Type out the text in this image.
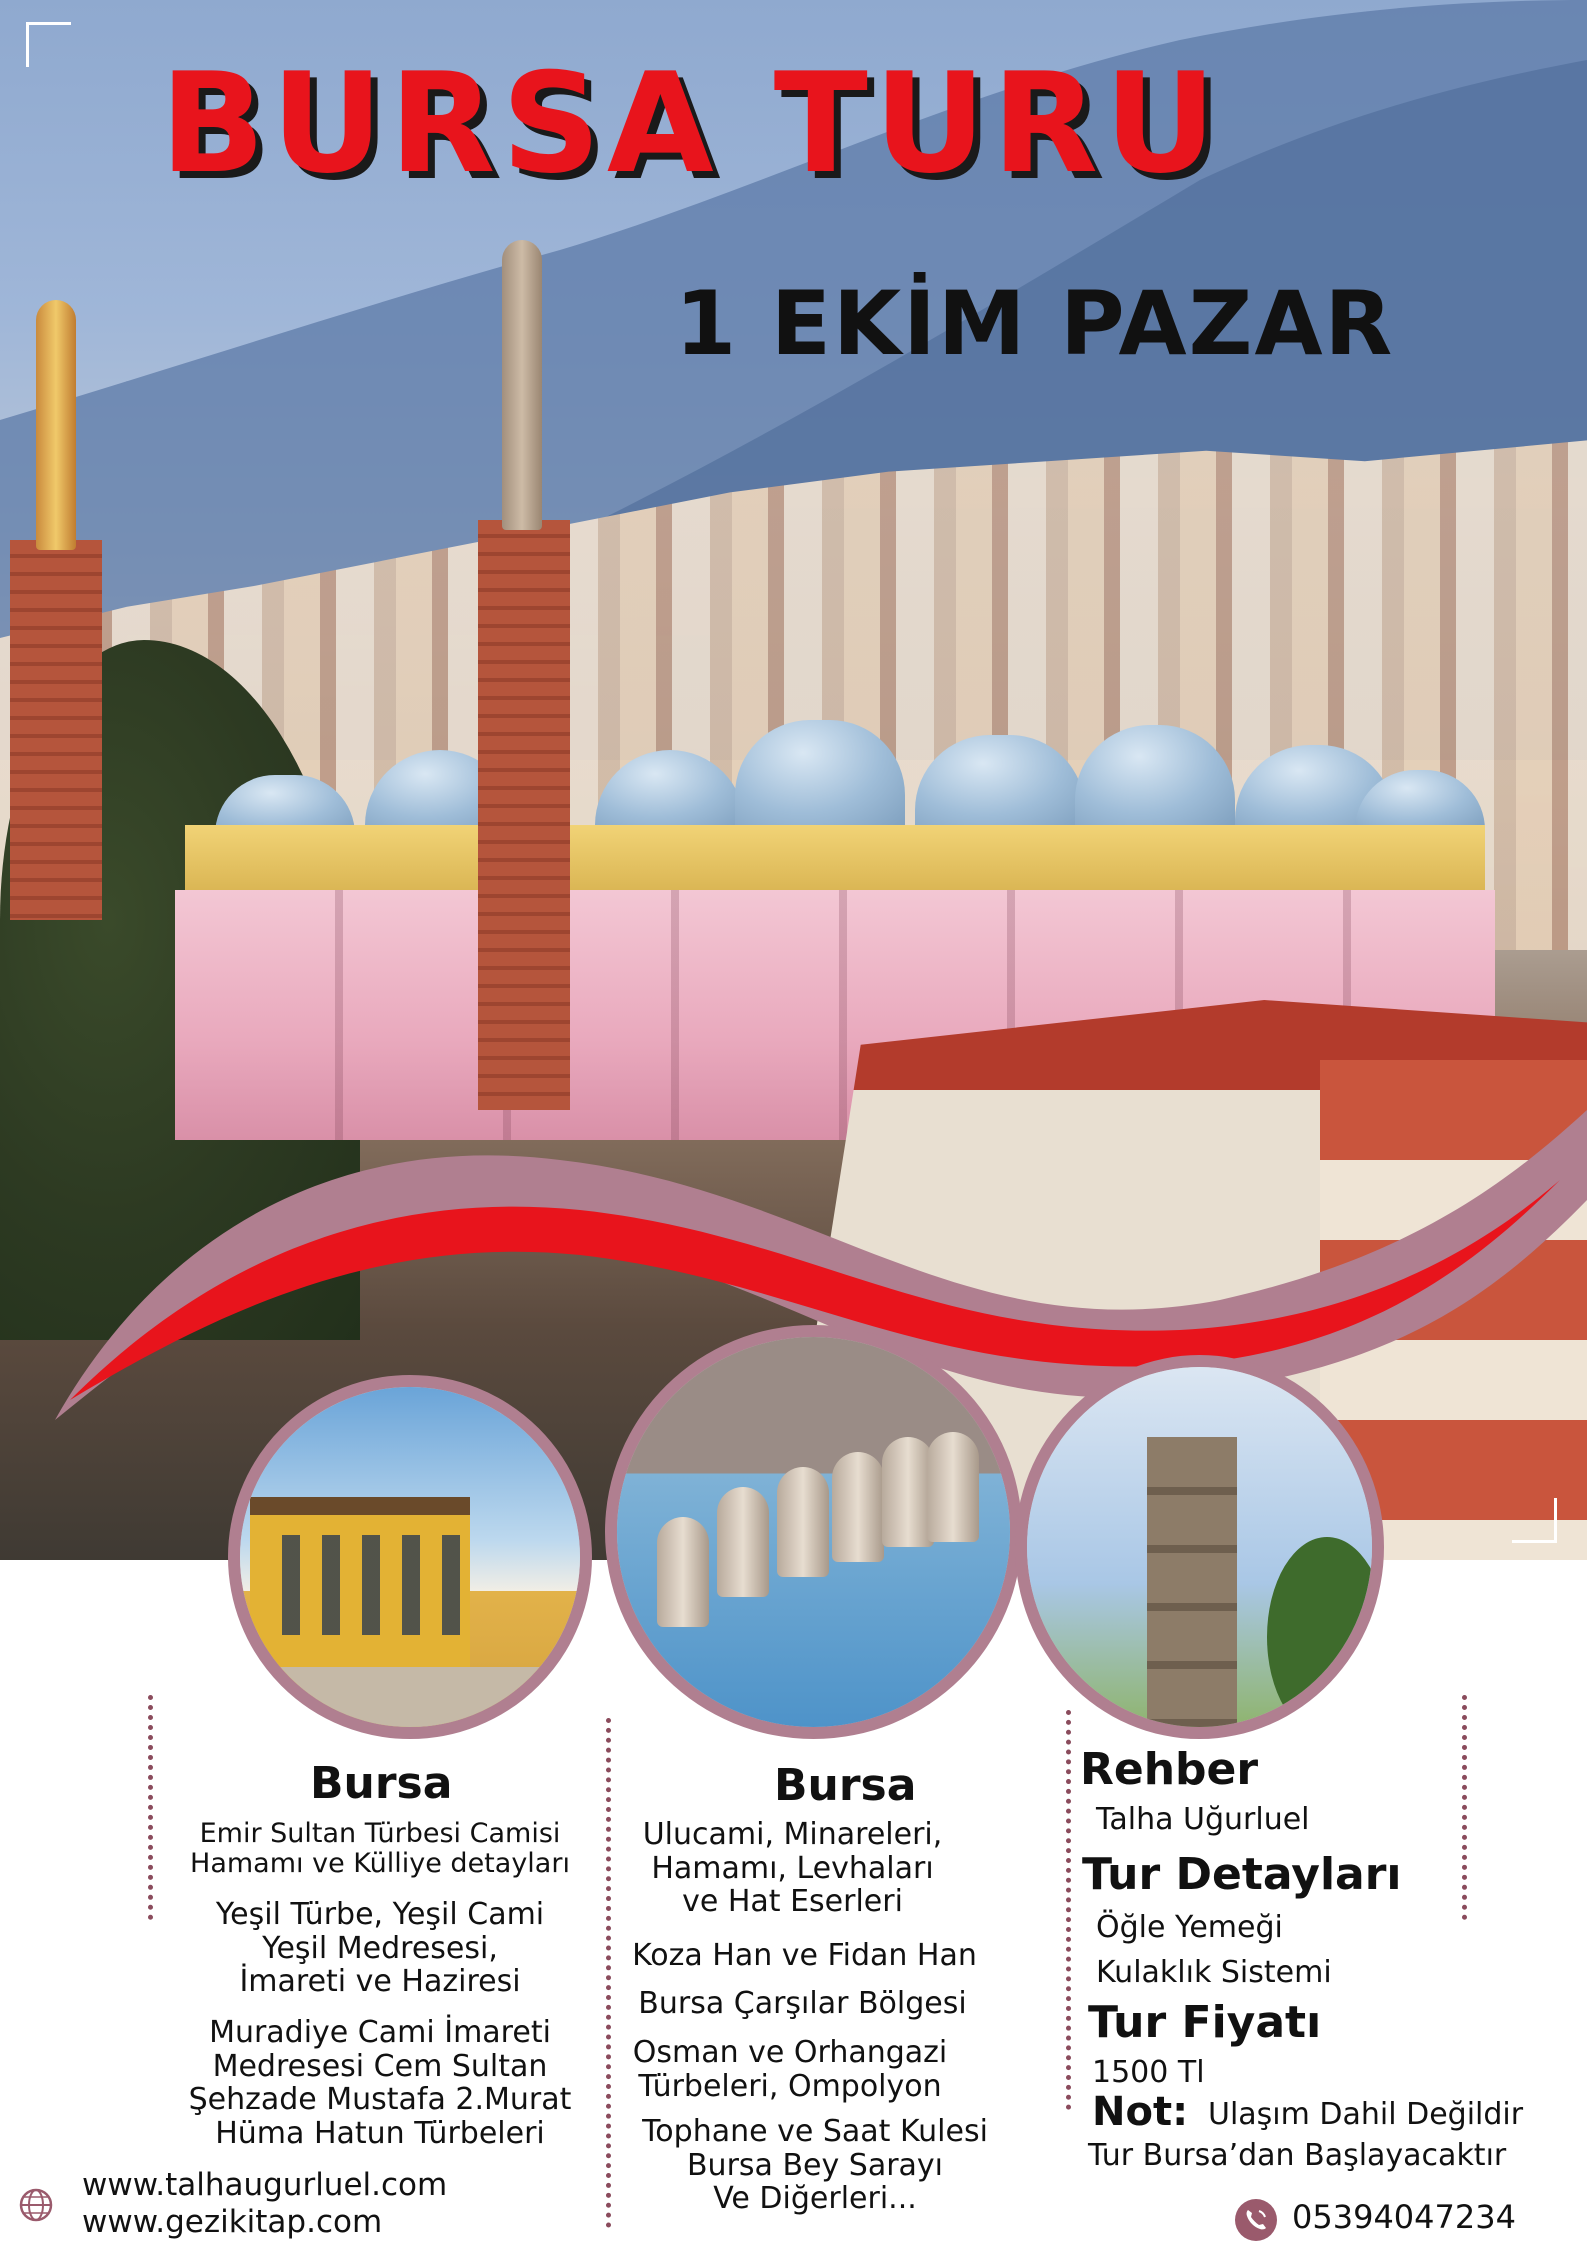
BURSA TURU
1 EKİM PAZAR
Bursa
Emir Sultan Türbesi Camisi
Hamamı ve Külliye detayları
Yeşil Türbe, Yeşil Cami
Yeşil Medresesi,
İmareti ve Haziresi
Muradiye Cami İmareti
Medresesi Cem Sultan
Şehzade Mustafa 2.Murat
Hüma Hatun Türbeleri
Bursa
Ulucami, Minareleri,
Hamamı, Levhaları
ve Hat Eserleri
Koza Han ve Fidan Han
Bursa Çarşılar Bölgesi
Osman ve Orhangazi
Türbeleri, Ompolyon
Tophane ve Saat Kulesi
Bursa Bey Sarayı
Ve Diğerleri...
Rehber
Talha Uğurluel
Tur Detayları
Öğle Yemeği
Kulaklık Sistemi
Tur Fiyatı
1500 Tl
Not: Ulaşım Dahil Değildir
Tur Bursa’dan Başlayacaktır
www.talhaugurluel.com
www.gezikitap.com	05394047234
